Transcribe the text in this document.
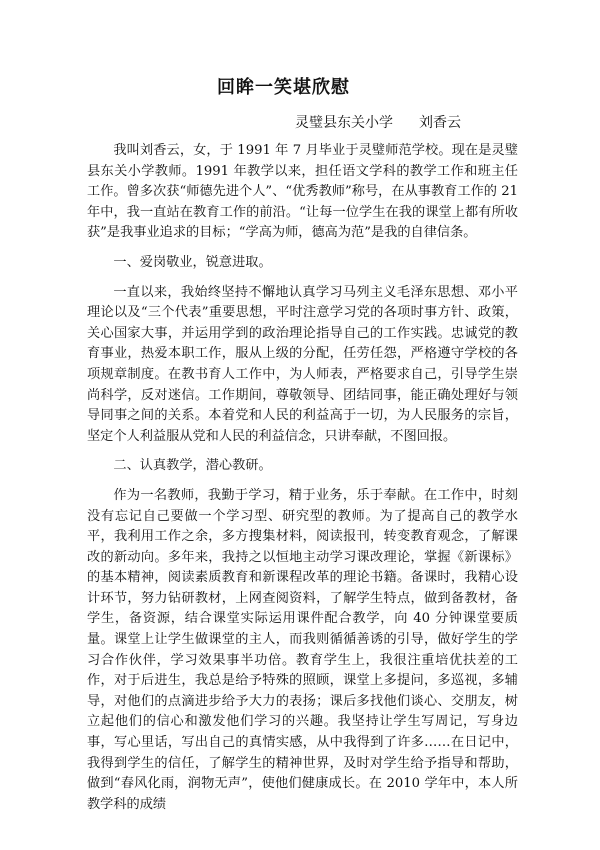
回眸一笑堪欣慰
灵璧县东关小学 刘香云

我叫刘香云，女，于 1991 年 7 月毕业于灵璧师范学校。现在是灵璧县东关小学教师。1991 年教学以来，担任语文学科的教学工作和班主任工作。曾多次获“师德先进个人”、“优秀教师”称号，在从事教育工作的 21 年中，我一直站在教育工作的前沿。“让每一位学生在我的课堂上都有所收获”是我事业追求的目标；“学高为师，德高为范”是我的自律信条。

一、爱岗敬业，锐意进取。

一直以来，我始终坚持不懈地认真学习马列主义毛泽东思想、邓小平理论以及“三个代表”重要思想，平时注意学习党的各项时事方针、政策，关心国家大事，并运用学到的政治理论指导自己的工作实践。忠诚党的教育事业，热爱本职工作，服从上级的分配，任劳任怨，严格遵守学校的各项规章制度。在教书育人工作中，为人师表，严格要求自己，引导学生崇尚科学，反对迷信。工作期间，尊敬领导、团结同事，能正确处理好与领导同事之间的关系。本着党和人民的利益高于一切，为人民服务的宗旨，坚定个人利益服从党和人民的利益信念，只讲奉献，不图回报。

二、认真教学，潜心教研。

作为一名教师，我勤于学习，精于业务，乐于奉献。在工作中，时刻没有忘记自己要做一个学习型、研究型的教师。为了提高自己的教学水平，我利用工作之余，多方搜集材料，阅读报刊，转变教育观念，了解课改的新动向。多年来，我持之以恒地主动学习课改理论，掌握《新课标》的基本精神，阅读素质教育和新课程改革的理论书籍。备课时，我精心设计环节，努力钻研教材，上网查阅资料，了解学生特点，做到备教材，备学生，备资源，结合课堂实际运用课件配合教学，向 40 分钟课堂要质量。课堂上让学生做课堂的主人，而我则循循善诱的引导，做好学生的学习合作伙伴，学习效果事半功倍。教育学生上，我很注重培优扶差的工作，对于后进生，我总是给予特殊的照顾，课堂上多提问，多巡视，多辅导，对他们的点滴进步给予大力的表扬；课后多找他们谈心、交朋友，树立起他们的信心和激发他们学习的兴趣。我坚持让学生写周记，写身边事，写心里话，写出自己的真情实感，从中我得到了许多……在日记中，我得到学生的信任，了解学生的精神世界，及时对学生给予指导和帮助，做到“春风化雨，润物无声”，使他们健康成长。在 2010 学年中，本人所教学科的成绩
